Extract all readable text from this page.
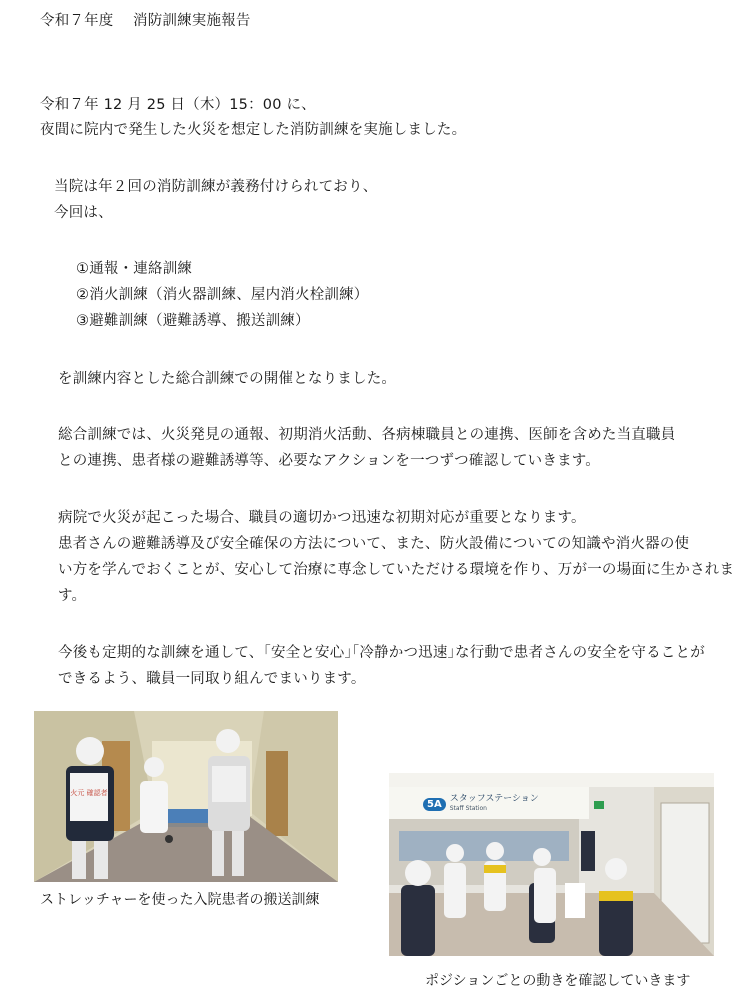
令和７年度　 消防訓練実施報告
令和７年 12 月 25 日（木）15：00 に、
夜間に院内で発生した火災を想定した消防訓練を実施しました。
当院は年２回の消防訓練が義務付けられており、
今回は、
①通報・連絡訓練
②消火訓練（消火器訓練、屋内消火栓訓練）
③避難訓練（避難誘導、搬送訓練）
を訓練内容とした総合訓練での開催となりました。
総合訓練では、火災発見の通報、初期消火活動、各病棟職員との連携、医師を含めた当直職員
との連携、患者様の避難誘導等、必要なアクションを一つずつ確認していきます。
病院で火災が起こった場合、職員の適切かつ迅速な初期対応が重要となります。
患者さんの避難誘導及び安全確保の方法について、また、防火設備についての知識や消火器の使
い方を学んでおくことが、安心して治療に専念していただける環境を作り、万が一の場面に生かされま
す。
今後も定期的な訓練を通して、｢安全と安心｣｢冷静かつ迅速｣な行動で患者さんの安全を守ることが
できるよう、職員一同取り組んでまいります。
火元 確認者
ストレッチャーを使った入院患者の搬送訓練
5A スタッフステーション
Staff Station
ポジションごとの動きを確認していきます
